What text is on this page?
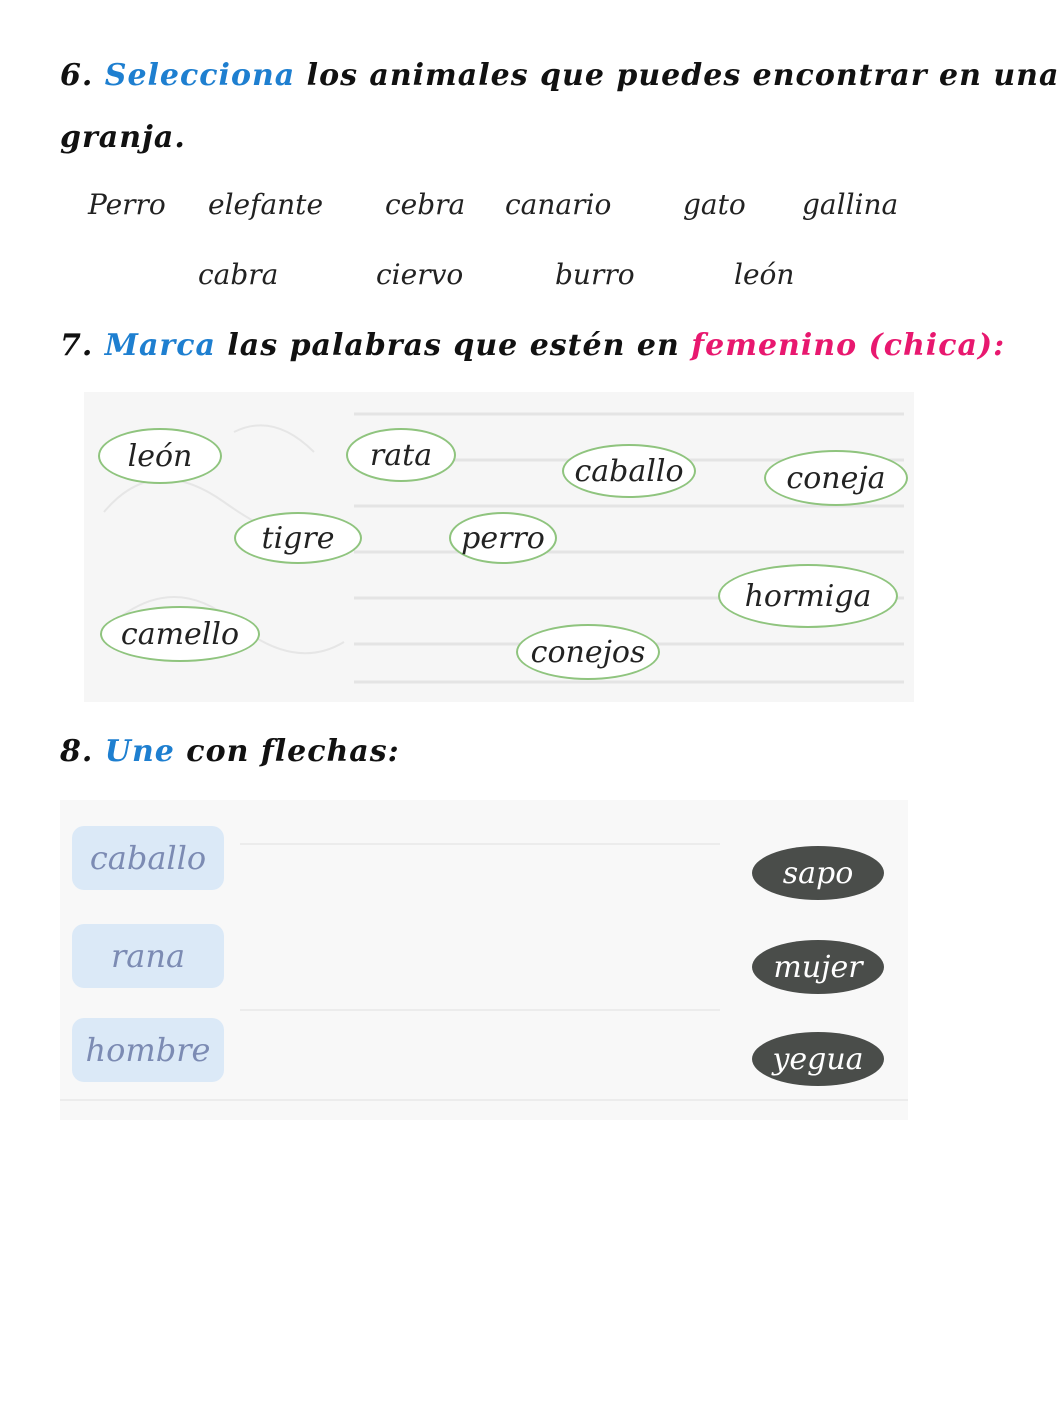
6. Selecciona los animales que puedes encontrar en una
granja.
Perro elefante cebra canario	gato gallina
cabra	ciervo	burro	león
7. Marca las palabras que estén en femenino (chica):
león	rata	caballo	coneja
tigre	perro
hormiga
camello
conejos
8. Une con flechas:
caballo
rana
hombre
sapo
mujer
yegua
